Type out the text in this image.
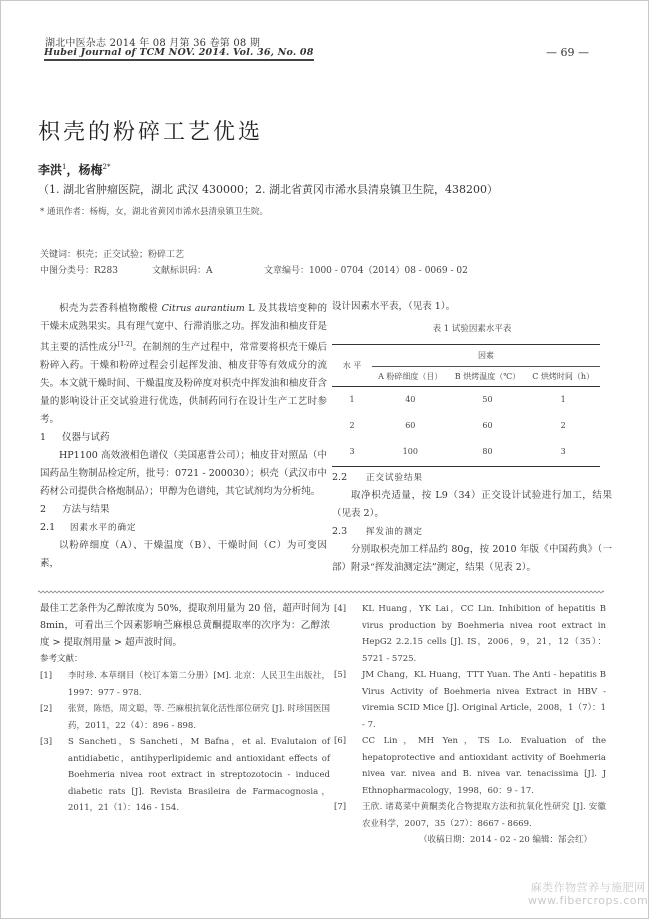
湖北中医杂志 2014 年 08 月第 36 卷第 08 期
Hubei Journal of TCM NOV. 2014. Vol. 36, No. 08	— 69 —
枳壳的粉碎工艺优选
李洪$^1$，杨梅$^{2*}$
（1. 湖北省肿瘤医院，湖北 武汉 430000；2. 湖北省黄冈市浠水县清泉镇卫生院，438200）
* 通讯作者：杨梅，女，湖北省黄冈市浠水县清泉镇卫生院。
关键词：枳壳；正交试验；粉碎工艺
中图分类号：R283	文献标识码：A	文章编号：1000 - 0704（2014）08 - 0069 - 02

枳壳为芸香科植物酸橙 Citrus aurantium L 及其栽培变种的干燥未成熟果实。具有理气宽中、行滞消胀之功。挥发油和柚皮苷是其主要的活性成分[1-2]。在制剂的生产过程中，常常要将枳壳干燥后粉碎入药。干燥和粉碎过程会引起挥发油、柚皮苷等有效成分的流失。本文就干燥时间、干燥温度及粉碎度对枳壳中挥发油和柚皮苷含量的影响设计正交试验进行优选，供制药同行在设计生产工艺时参考。

1 仪器与试药

HP1100 高效液相色谱仪（美国惠普公司）；柚皮苷对照品（中国药品生物制品检定所，批号：0721 - 200030）；枳壳（武汉市中药材公司提供合格炮制品）；甲醇为色谱纯，其它试剂均为分析纯。

2 方法与结果

2.1 因素水平的确定

以粉碎细度（A）、干燥温度（B）、干燥时间（C）为可变因素，

设计因素水平表，（见表 1）。

表 1 试验因素水平表
水 平	因素		
	A 粉碎细度（目）	B 烘烤温度（℃）	C 烘烤时间（h）
1	40	50	1
2	60	60	2
3	100	80	3

2.2 正交试验结果

取净枳壳适量，按 L9（34）正交设计试验进行加工，结果（见表 2）。

2.3 挥发油的测定

分别取枳壳加工样品约 80g，按 2010 年版《中国药典》（一部）附录“挥发油测定法”测定，结果（见表 2）。

最佳工艺条件为乙醇浓度为 50%，提取剂用量为 20 倍，超声时间为 8min，可看出三个因素影响苎麻根总黄酮提取率的次序为：乙醇浓度 > 提取剂用量 > 超声波时间。

参考文献：

[1]	李时珍. 本草纲目（校订本第二分册）[M]. 北京：人民卫生出版社，1997：977 - 978.
[2]	张贤，陈悟，周文聪，等. 苎麻根抗氧化活性部位研究 [J]. 时珍国医国药，2011，22（4）：896 - 898.
[3]	S Sancheti，S Sancheti，M Bafna，et al. Evalutaion of antidiabetic，antihyperlipidemic and antioxidant effects of Boehmeria nivea root extract in streptozotocin - induced diabetic rats [J]. Revista Brasileira de Farmacognosia，2011，21（1）：146 - 154.
[4]	KL Huang，YK Lai，CC Lin. Inhibition of hepatitis B virus production by Boehmeria nivea root extract in HepG2 2.2.15 cells [J]. IS，2006，9，21，12（35）：5721 - 5725.
[5]	JM Chang，KL Huang，TTT Yuan. The Anti - hepatitis B Virus Activity of Boehmeria nivea Extract in HBV - viremia SCID Mice [J]. Original Article，2008，1（7）：1 - 7.
[6]	CC Lin，MH Yen，TS Lo. Evaluation of the hepatoprotective and antioxidant activity of Boehmeria nivea var. nivea and B. nivea var. tenacissima [J]. J Ethnopharmacology，1998，60：9 - 17.
[7]	王欣. 诸葛菜中黄酮类化合物提取方法和抗氧化性研究 [J]. 安徽农业科学，2007，35（27）：8667 - 8669.
（收稿日期：2014 - 02 - 20 编辑：郜会红）
麻类作物营养与施肥网
www.fibercrops.com
